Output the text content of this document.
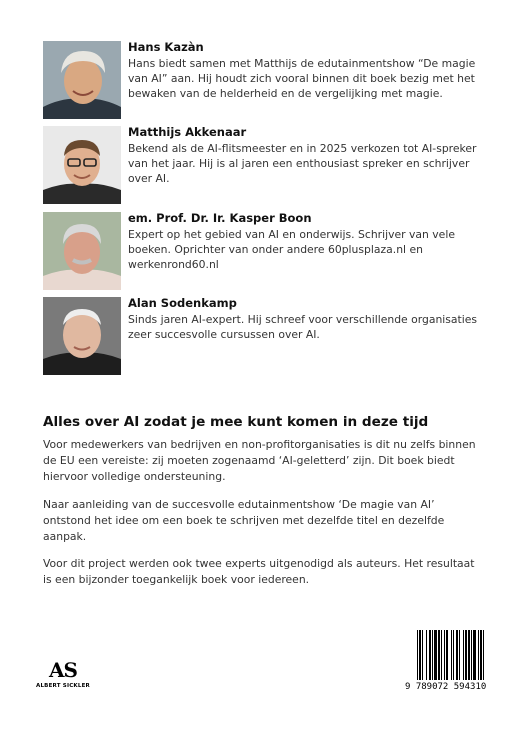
Hans Kazàn
Hans biedt samen met Matthijs de edutainmentshow “De magie van AI” aan. Hij houdt zich vooral binnen dit boek bezig met het bewaken van de helderheid en de vergelijking met magie.
Matthijs Akkenaar
Bekend als de AI-flitsmeester en in 2025 verkozen tot AI-spreker van het jaar. Hij is al jaren een enthousiast spreker en schrijver over AI.
em. Prof. Dr. Ir. Kasper Boon
Expert op het gebied van AI en onderwijs. Schrijver van vele boeken. Oprichter van onder andere 60plusplaza.nl en werkenrond60.nl
Alan Sodenkamp
Sinds jaren AI-expert. Hij schreef voor verschillende organisaties zeer succesvolle cursussen over AI.
Alles over AI zodat je mee kunt komen in deze tijd
Voor medewerkers van bedrijven en non-profitorganisaties is dit nu zelfs binnen de EU een vereiste: zij moeten zogenaamd ‘AI-geletterd’ zijn. Dit boek biedt hiervoor volledige ondersteuning.
Naar aanleiding van de succesvolle edutainmentshow ‘De magie van AI’ ontstond het idee om een boek te schrijven met dezelfde titel en dezelfde aanpak.
Voor dit project werden ook twee experts uitgenodigd als auteurs. Het resultaat is een bijzonder toegankelijk boek voor iedereen.
AS
ALBERT SICKLER	9 789072 594310
